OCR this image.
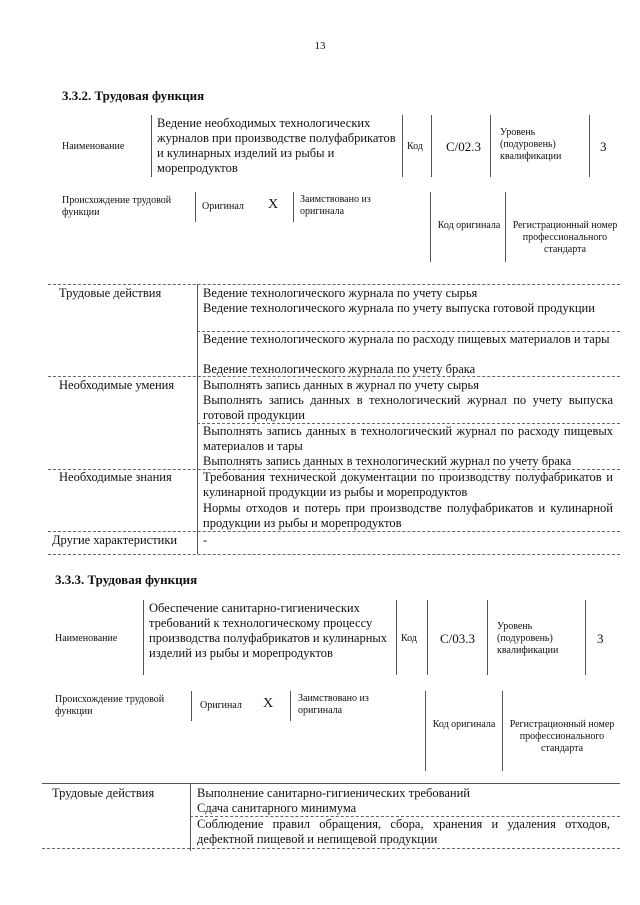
13
3.3.2. Трудовая функция
Наименование
Ведение необходимых технологических журналов при производстве полуфабрикатов и кулинарных изделий из рыбы и морепродуктов
Код C/02.3
Уровень (подуровень) квалификации
3
Происхождение трудовой функции
Оригинал X Заимствовано из оригинала
Код оригинала Регистрационный номер профессионального стандарта
Трудовые действия	Ведение технологического журнала по учету сырья
Ведение технологического журнала по учету выпуска готовой продукции
Ведение технологического журнала по расходу пищевых материалов и тары
Ведение технологического журнала по учету брака
Необходимые умения Выполнять запись данных в журнал по учету сырья
Выполнять запись данных в технологический журнал по учету выпуска готовой продукции
Выполнять запись данных в технологический журнал по расходу пищевых материалов и тары
Выполнять запись данных в технологический журнал по учету брака
Необходимые знания	Требования технической документации по производству полуфабрикатов и кулинарной продукции из рыбы и морепродуктов
Нормы отходов и потерь при производстве полуфабрикатов и кулинарной продукции из рыбы и морепродуктов
Другие характеристики -
3.3.3. Трудовая функция
Наименование
Обеспечение санитарно-гигиенических требований к технологическому процессу производства полуфабрикатов и кулинарных изделий из рыбы и морепродуктов
Код C/03.3
Уровень (подуровень) квалификации
3
Происхождение трудовой функции
Оригинал X Заимствовано из оригинала
Код оригинала Регистрационный номер профессионального стандарта
Трудовые действия	Выполнение санитарно-гигиенических требований
Сдача санитарного минимума
Соблюдение правил обращения, сбора, хранения и удаления отходов, дефектной пищевой и непищевой продукции
